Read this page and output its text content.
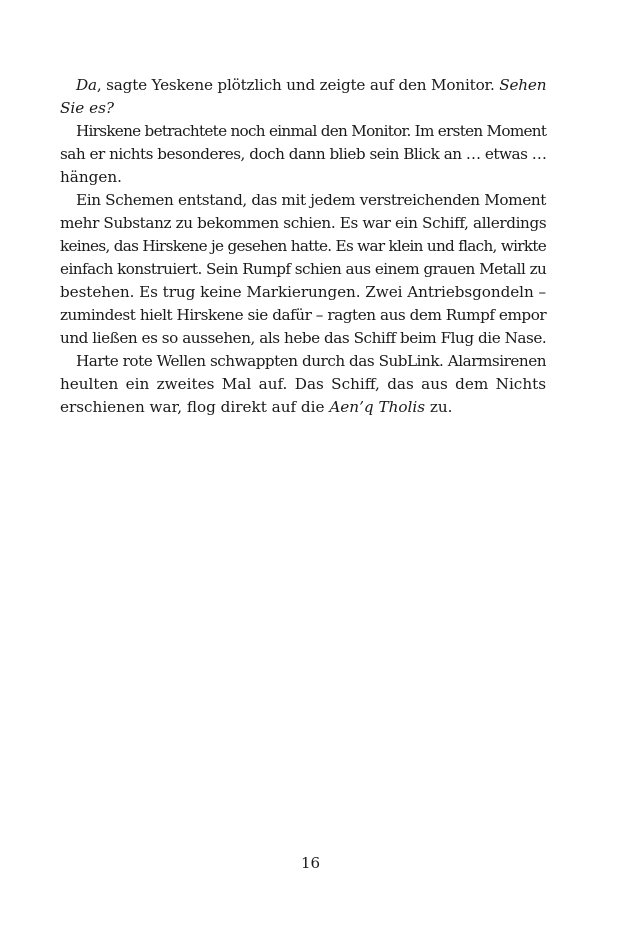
Da, sagte Yeskene plötzlich und zeigte auf den Monitor. Sehen
Sie es?
Hirskene betrachtete noch einmal den Monitor. Im ersten Moment
sah er nichts besonderes, doch dann blieb sein Blick an … etwas …
hängen.
Ein Schemen entstand, das mit jedem verstreichenden Moment
mehr Substanz zu bekommen schien. Es war ein Schiff, allerdings
keines, das Hirskene je gesehen hatte. Es war klein und flach, wirkte
einfach konstruiert. Sein Rumpf schien aus einem grauen Metall zu
bestehen. Es trug keine Markierungen. Zwei Antriebsgondeln –
zumindest hielt Hirskene sie dafür – ragten aus dem Rumpf empor
und ließen es so aussehen, als hebe das Schiff beim Flug die Nase.
Harte rote Wellen schwappten durch das SubLink. Alarmsirenen
heulten ein zweites Mal auf. Das Schiff, das aus dem Nichts
erschienen war, flog direkt auf die Aen’q Tholis zu.
16
